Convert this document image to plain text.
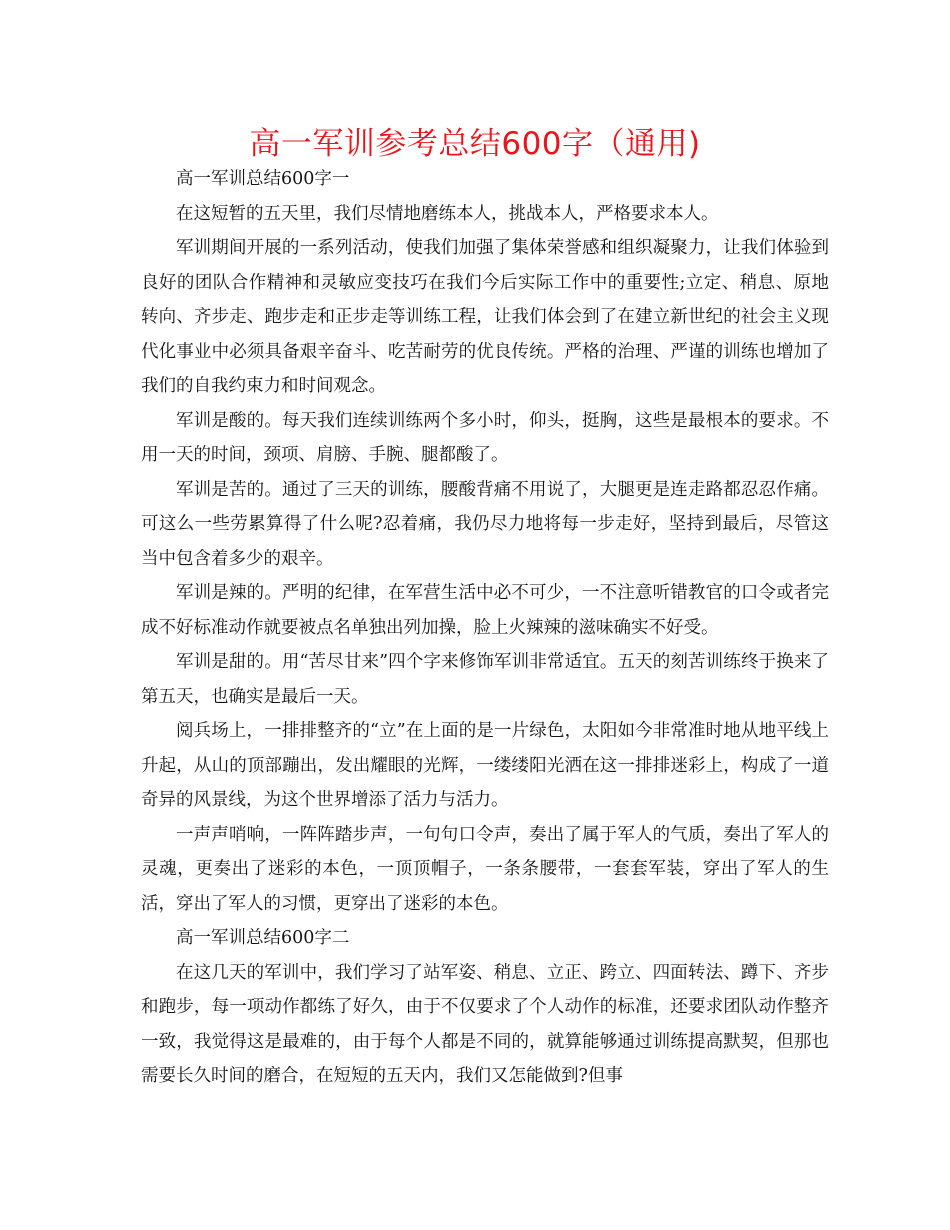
高一军训参考总结600字（通用)

高一军训总结600字一

在这短暂的五天里，我们尽情地磨练本人，挑战本人，严格要求本人。

军训期间开展的一系列活动，使我们加强了集体荣誉感和组织凝聚力，让我们体验到良好的团队合作精神和灵敏应变技巧在我们今后实际工作中的重要性;立定、稍息、原地转向、齐步走、跑步走和正步走等训练工程，让我们体会到了在建立新世纪的社会主义现代化事业中必须具备艰辛奋斗、吃苦耐劳的优良传统。严格的治理、严谨的训练也增加了我们的自我约束力和时间观念。

军训是酸的。每天我们连续训练两个多小时，仰头，挺胸，这些是最根本的要求。不用一天的时间，颈项、肩膀、手腕、腿都酸了。

军训是苦的。通过了三天的训练，腰酸背痛不用说了，大腿更是连走路都忍忍作痛。可这么一些劳累算得了什么呢?忍着痛，我仍尽力地将每一步走好，坚持到最后，尽管这当中包含着多少的艰辛。

军训是辣的。严明的纪律，在军营生活中必不可少，一不注意听错教官的口令或者完成不好标准动作就要被点名单独出列加操，脸上火辣辣的滋味确实不好受。

军训是甜的。用“苦尽甘来”四个字来修饰军训非常适宜。五天的刻苦训练终于换来了第五天，也确实是最后一天。

阅兵场上，一排排整齐的“立”在上面的是一片绿色，太阳如今非常准时地从地平线上升起，从山的顶部蹦出，发出耀眼的光辉，一缕缕阳光洒在这一排排迷彩上，构成了一道奇异的风景线，为这个世界增添了活力与活力。

一声声哨响，一阵阵踏步声，一句句口令声，奏出了属于军人的气质，奏出了军人的灵魂，更奏出了迷彩的本色，一顶顶帽子，一条条腰带，一套套军装，穿出了军人的生活，穿出了军人的习惯，更穿出了迷彩的本色。

高一军训总结600字二

在这几天的军训中，我们学习了站军姿、稍息、立正、跨立、四面转法、蹲下、齐步和跑步，每一项动作都练了好久，由于不仅要求了个人动作的标准，还要求团队动作整齐一致，我觉得这是最难的，由于每个人都是不同的，就算能够通过训练提高默契，但那也需要长久时间的磨合，在短短的五天内，我们又怎能做到?但事
